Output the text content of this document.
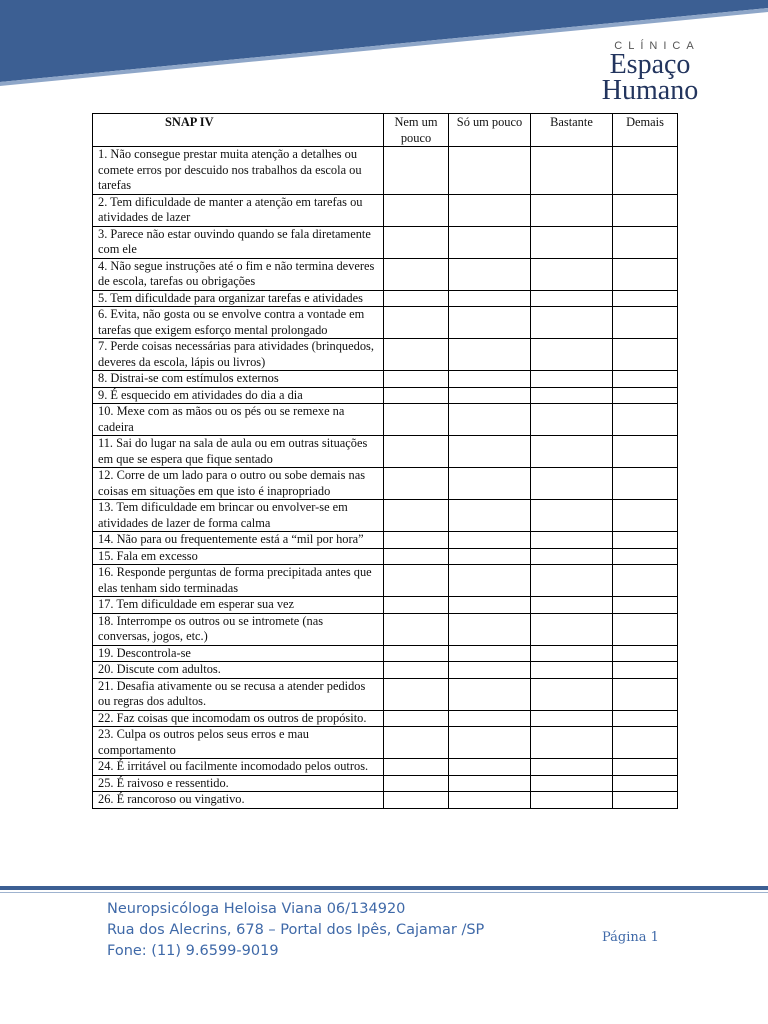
CLÍNICA
Espaço
Humano
SNAP IV	Nem um pouco	Só um pouco	Bastante	Demais
1. Não consegue prestar muita atenção a detalhes ou comete erros por descuido nos trabalhos da escola ou tarefas				
2. Tem dificuldade de manter a atenção em tarefas ou atividades de lazer				
3. Parece não estar ouvindo quando se fala diretamente com ele				
4. Não segue instruções até o fim e não termina deveres de escola, tarefas ou obrigações				
5. Tem dificuldade para organizar tarefas e atividades				
6. Evita, não gosta ou se envolve contra a vontade em tarefas que exigem esforço mental prolongado				
7. Perde coisas necessárias para atividades (brinquedos, deveres da escola, lápis ou livros)				
8. Distrai-se com estímulos externos				
9. É esquecido em atividades do dia a dia				
10. Mexe com as mãos ou os pés ou se remexe na cadeira				
11. Sai do lugar na sala de aula ou em outras situações em que se espera que fique sentado				
12. Corre de um lado para o outro ou sobe demais nas coisas em situações em que isto é inapropriado				
13. Tem dificuldade em brincar ou envolver-se em atividades de lazer de forma calma				
14. Não para ou frequentemente está a “mil por hora”				
15. Fala em excesso				
16. Responde perguntas de forma precipitada antes que elas tenham sido terminadas				
17. Tem dificuldade em esperar sua vez				
18. Interrompe os outros ou se intromete (nas conversas, jogos, etc.)				
19. Descontrola-se				
20. Discute com adultos.				
21. Desafia ativamente ou se recusa a atender pedidos ou regras dos adultos.				
22. Faz coisas que incomodam os outros de propósito.				
23. Culpa os outros pelos seus erros e mau comportamento				
24. É irritável ou facilmente incomodado pelos outros.				
25. É raivoso e ressentido.				
26. É rancoroso ou vingativo.				
Neuropsicóloga Heloisa Viana 06/134920
Rua dos Alecrins, 678 – Portal dos Ipês, Cajamar /SP
Fone: (11) 9.6599-9019
Página 1
